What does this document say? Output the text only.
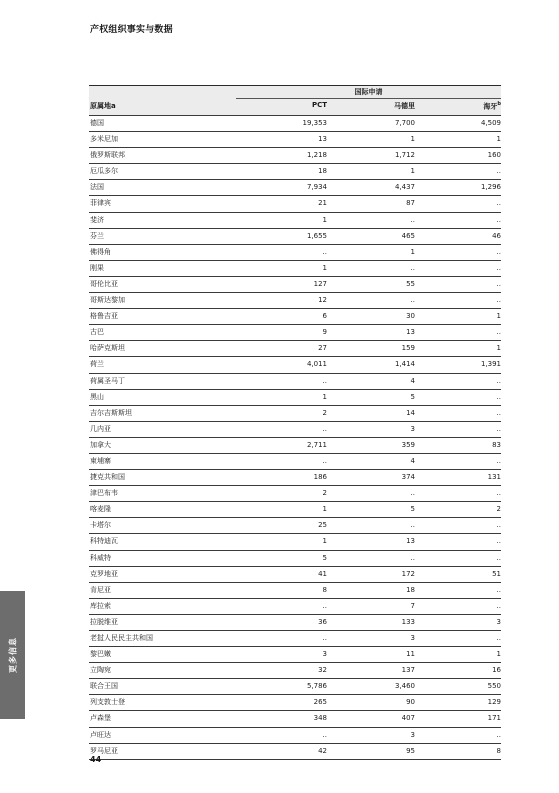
产权组织事实与数据
更多信息
国际申请
原属地a	PCT	马德里	海牙$^b$
德国	19,353	7,700	4,509
多米尼加	13	1	1
俄罗斯联邦	1,218	1,712	160
厄瓜多尔	18	1	..
法国	7,934	4,437	1,296
菲律宾	21	87	..
斐济	1	..	..
芬兰	1,655	465	46
佛得角	..	1	..
刚果	1	..	..
哥伦比亚	127	55	..
哥斯达黎加	12	..	..
格鲁吉亚	6	30	1
古巴	9	13	..
哈萨克斯坦	27	159	1
荷兰	4,011	1,414	1,391
荷属圣马丁	..	4	..
黑山	1	5	..
吉尔吉斯斯坦	2	14	..
几内亚	..	3	..
加拿大	2,711	359	83
柬埔寨	..	4	..
捷克共和国	186	374	131
津巴布韦	2	..	..
喀麦隆	1	5	2
卡塔尔	25	..	..
科特迪瓦	1	13	..
科威特	5	..	..
克罗地亚	41	172	51
肯尼亚	8	18	..
库拉索	..	7	..
拉脱维亚	36	133	3
老挝人民民主共和国	..	3	..
黎巴嫩	3	11	1
立陶宛	32	137	16
联合王国	5,786	3,460	550
列支敦士登	265	90	129
卢森堡	348	407	171
卢旺达	..	3	..
罗马尼亚	42	95	8
44
